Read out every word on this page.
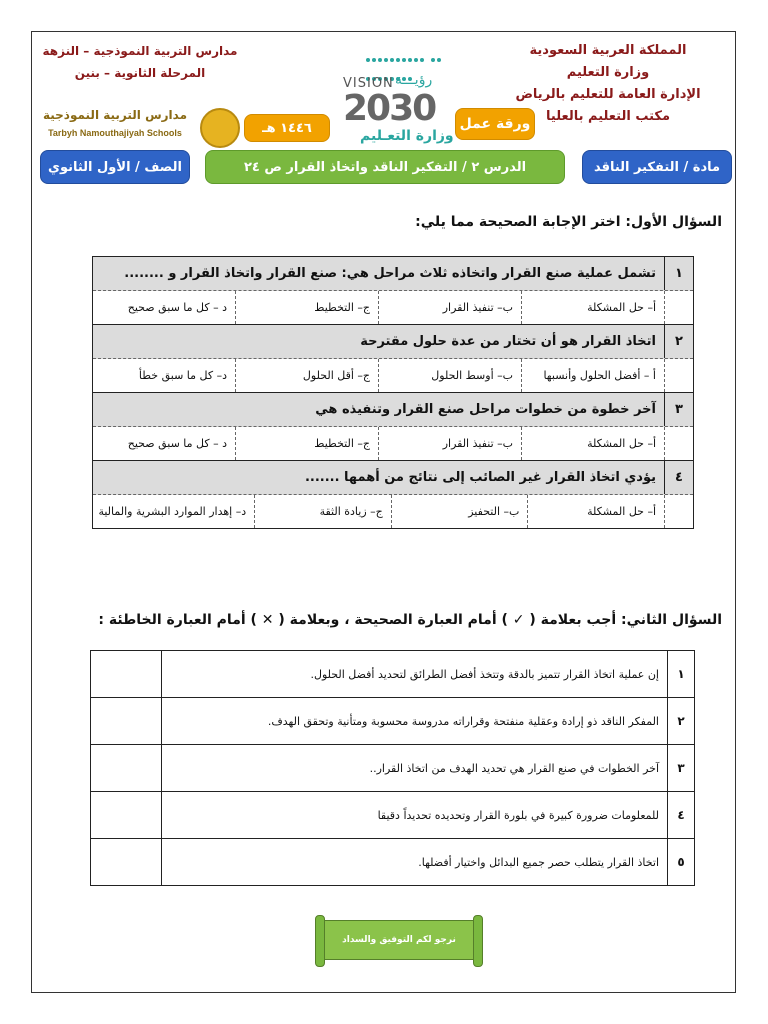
المملكة العربية السعودية
وزارة التعليم
الإدارة العامة للتعليم بالرياض
مكتب التعليم بالعليا
مدارس التربية النموذجية – النزهة
المرحلة الثانوية – بنين

VISION رؤيـــة
2030
وزارة التعـليم
ورقة عمل
١٤٤٦ هـ
مدارس التربية النموذجية
Tarbyh Namouthajiyah Schools
مادة / التفكير الناقد
الدرس ٢ / التفكير الناقد واتخاذ القرار ص ٢٤
الصف / الأول الثانوي
السؤال الأول: اختر الإجابة الصحيحة مما يلي:
١
تشمل عملية صنع القرار واتخاذه ثلاث مراحل هي: صنع القرار واتخاذ القرار و ........
أ– حل المشكلة
ب– تنفيذ القرار
ج– التخطيط
د – كل ما سبق صحيح
٢
اتخاذ القرار هو أن تختار من عدة حلول مقترحة
أ – أفضل الحلول وأنسبها
ب– أوسط الحلول
ج– أقل الحلول
د– كل ما سبق خطأ
٣
آخر خطوة من خطوات مراحل صنع القرار وتنفيذه هي
أ– حل المشكلة
ب– تنفيذ القرار
ج– التخطيط
د – كل ما سبق صحيح
٤
يؤدي اتخاذ القرار غير الصائب إلى نتائج من أهمها .......
أ– حل المشكلة
ب– التحفيز
ج– زيادة الثقة
د– إهدار الموارد البشرية والمالية
السؤال الثاني: أجب بعلامة ( ✓ ) أمام العبارة الصحيحة ، وبعلامة ( ✕ ) أمام العبارة الخاطئة :
١
إن عملية اتخاذ القرار تتميز بالدقة وتتخذ أفضل الطرائق لتحديد أفضل الحلول.
٢
المفكر الناقد ذو إرادة وعقلية منفتحة وقراراته مدروسة محسوبة ومتأنية وتحقق الهدف.
٣
آخر الخطوات في صنع القرار هي تحديد الهدف من اتخاذ القرار..
٤
للمعلومات ضرورة كبيرة في بلورة القرار وتحديده تحديداً دقيقا
٥
اتخاذ القرار يتطلب حصر جميع البدائل واختيار أفضلها.
نرجو لكم التوفيق والسداد
